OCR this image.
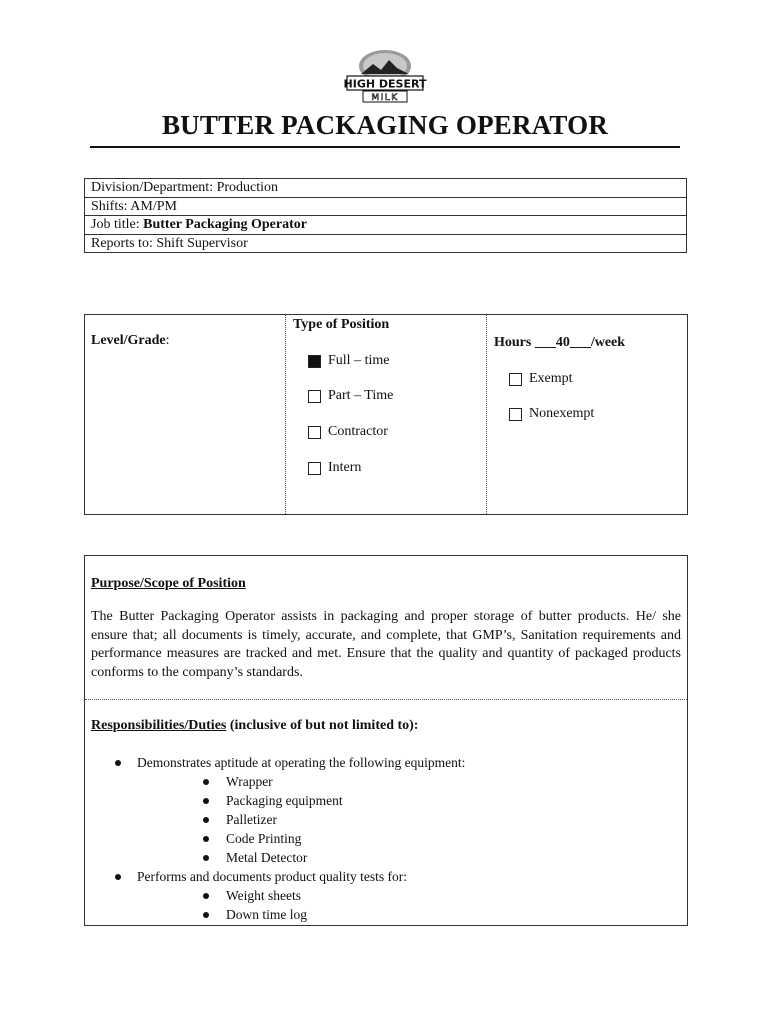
HIGH DESERT
MILK
BUTTER PACKAGING OPERATOR
Division/Department: Production
Shifts: AM/PM
Job title: Butter Packaging Operator
Reports to: Shift Supervisor
Level/Grade:
Type of Position
Full – time
Part – Time
Contractor
Intern
Hours ___40___/week
Exempt
Nonexempt
Purpose/Scope of Position
The Butter Packaging Operator assists in packaging and proper storage of butter products. He/ she ensure that; all documents is timely, accurate, and complete, that GMP’s, Sanitation requirements and performance measures are tracked and met. Ensure that the quality and quantity of packaged products conforms to the company’s standards.
Responsibilities/Duties (inclusive of but not limited to):
Demonstrates aptitude at operating the following equipment:
Wrapper
Packaging equipment
Palletizer
Code Printing
Metal Detector
Performs and documents product quality tests for:
Weight sheets
Down time log
